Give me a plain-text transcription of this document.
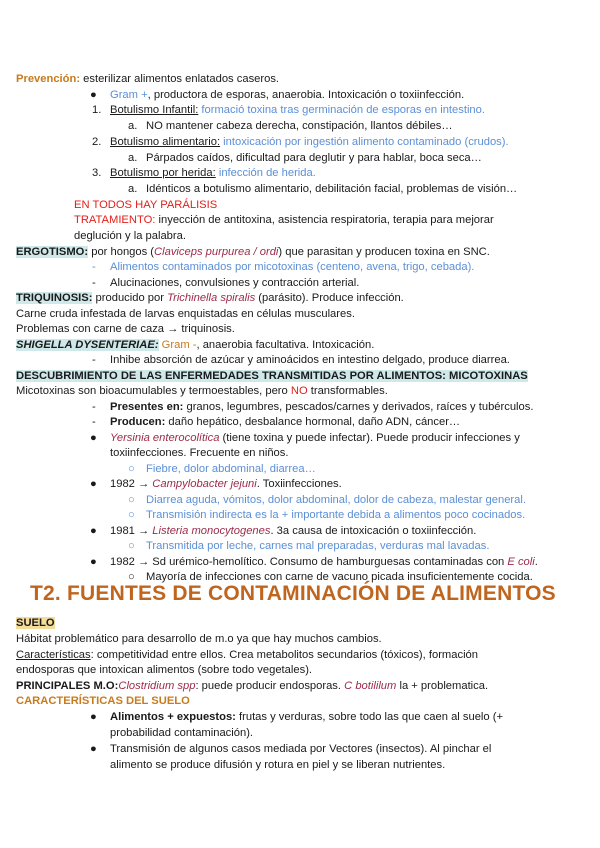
Prevención: esterilizar alimentos enlatados caseros.
● Gram +, productora de esporas, anaerobia. Intoxicación o toxiinfección.
1. Botulismo Infantil: formació toxina tras germinación de esporas en intestino.
a. NO mantener cabeza derecha, constipación, llantos débiles…
2. Botulismo alimentario: intoxicación por ingestión alimento contaminado (crudos).
a. Párpados caídos, dificultad para deglutir y para hablar, boca seca…
3. Botulismo por herida: infección de herida.
a. Idénticos a botulismo alimentario, debilitación facial, problemas de visión…
EN TODOS HAY PARÁLISIS
TRATAMIENTO: inyección de antitoxina, asistencia respiratoria, terapia para mejorar
deglución y la palabra.
ERGOTISMO: por hongos (Claviceps purpurea / ordi) que parasitan y producen toxina en SNC.
- Alimentos contaminados por micotoxinas (centeno, avena, trigo, cebada).
- Alucinaciones, convulsiones y contracción arterial.
TRIQUINOSIS: producido por Trichinella spiralis (parásito). Produce infección.
Carne cruda infestada de larvas enquistadas en células musculares.
Problemas con carne de caza → triquinosis.
SHIGELLA DYSENTERIAE: Gram -, anaerobia facultativa. Intoxicación.
- Inhibe absorción de azúcar y aminoácidos en intestino delgado, produce diarrea.
DESCUBRIMIENTO DE LAS ENFERMEDADES TRANSMITIDAS POR ALIMENTOS: MICOTOXINAS
Micotoxinas son bioacumulables y termoestables, pero NO transformables.
- Presentes en: granos, legumbres, pescados/carnes y derivados, raíces y tubérculos.
- Producen: daño hepático, desbalance hormonal, daño ADN, cáncer…
● Yersinia enterocolítica (tiene toxina y puede infectar). Puede producir infecciones y
toxiinfecciones. Frecuente en niños.
○ Fiebre, dolor abdominal, diarrea…
● 1982 → Campylobacter jejuni. Toxiinfecciones.
○ Diarrea aguda, vómitos, dolor abdominal, dolor de cabeza, malestar general.
○ Transmisión indirecta es la + importante debida a alimentos poco cocinados.
● 1981 → Listeria monocytogenes. 3a causa de intoxicación o toxiinfección.
○ Transmitida por leche, carnes mal preparadas, verduras mal lavadas.
● 1982 → Sd urémico-hemolítico. Consumo de hamburguesas contaminadas con E coli.
○ Mayoría de infecciones con carne de vacuno picada insuficientemente cocida.
T2. FUENTES DE CONTAMINACIÓN DE ALIMENTOS
SUELO
Hábitat problemático para desarrollo de m.o ya que hay muchos cambios.
Características: competitividad entre ellos. Crea metabolitos secundarios (tóxicos), formación
endosporas que intoxican alimentos (sobre todo vegetales).
PRINCIPALES M.O:Clostridium spp: puede producir endosporas. C botililum la + problematica.
CARACTERÍSTICAS DEL SUELO
● Alimentos + expuestos: frutas y verduras, sobre todo las que caen al suelo (+
probabilidad contaminación).
● Transmisión de algunos casos mediada por Vectores (insectos). Al pinchar el
alimento se produce difusión y rotura en piel y se liberan nutrientes.
